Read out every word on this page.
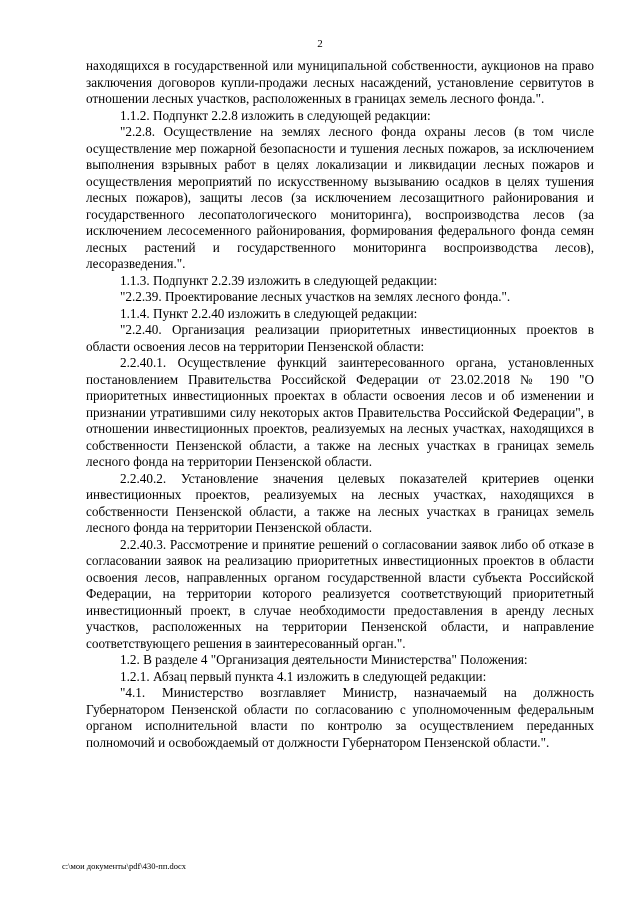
2

находящихся в государственной или муниципальной собственности, аукционов на право заключения договоров купли-продажи лесных насаждений, установление сервитутов в отношении лесных участков, расположенных в границах земель лесного фонда.".

1.1.2. Подпункт 2.2.8 изложить в следующей редакции:

"2.2.8. Осуществление на землях лесного фонда охраны лесов (в том числе осуществление мер пожарной безопасности и тушения лесных пожаров, за исключением выполнения взрывных работ в целях локализации и ликвидации лесных пожаров и осуществления мероприятий по искусственному вызыванию осадков в целях тушения лесных пожаров), защиты лесов (за исключением лесозащитного районирования и государственного лесопатологического мониторинга), воспроизводства лесов (за исключением лесосеменного районирования, формирования федерального фонда семян лесных растений и государственного мониторинга воспроизводства лесов), лесоразведения.".

1.1.3. Подпункт 2.2.39 изложить в следующей редакции:

"2.2.39. Проектирование лесных участков на землях лесного фонда.".

1.1.4. Пункт 2.2.40 изложить в следующей редакции:

"2.2.40. Организация реализации приоритетных инвестиционных проектов в области освоения лесов на территории Пензенской области:

2.2.40.1. Осуществление функций заинтересованного органа, установленных постановлением Правительства Российской Федерации от 23.02.2018 № 190 "О приоритетных инвестиционных проектах в области освоения лесов и об изменении и признании утратившими силу некоторых актов Правительства Российской Федерации", в отношении инвестиционных проектов, реализуемых на лесных участках, находящихся в собственности Пензенской области, а также на лесных участках в границах земель лесного фонда на территории Пензенской области.

2.2.40.2. Установление значения целевых показателей критериев оценки инвестиционных проектов, реализуемых на лесных участках, находящихся в собственности Пензенской области, а также на лесных участках в границах земель лесного фонда на территории Пензенской области.

2.2.40.3. Рассмотрение и принятие решений о согласовании заявок либо об отказе в согласовании заявок на реализацию приоритетных инвестиционных проектов в области освоения лесов, направленных органом государственной власти субъекта Российской Федерации, на территории которого реализуется соответствующий приоритетный инвестиционный проект, в случае необходимости предоставления в аренду лесных участков, расположенных на территории Пензенской области, и направление соответствующего решения в заинтересованный орган.".

1.2. В разделе 4 "Организация деятельности Министерства" Положения:

1.2.1. Абзац первый пункта 4.1 изложить в следующей редакции:

"4.1. Министерство возглавляет Министр, назначаемый на должность Губернатором Пензенской области по согласованию с уполномоченным федеральным органом исполнительной власти по контролю за осуществлением переданных полномочий и освобождаемый от должности Губернатором Пензенской области.".

c:\мои документы\pdf\430-пп.docx
